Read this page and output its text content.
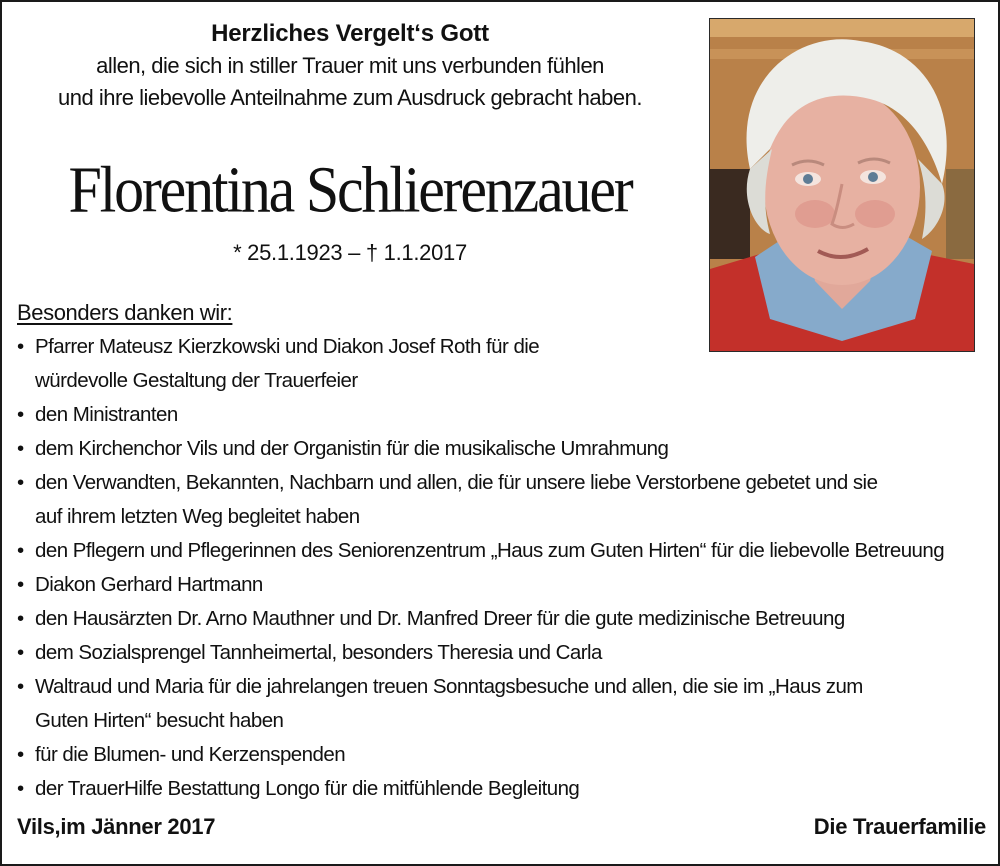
Herzliches Vergelt‘s Gott
allen, die sich in stiller Trauer mit uns verbunden fühlen
und ihre liebevolle Anteilnahme zum Ausdruck gebracht haben.
Florentina Schlierenzauer
* 25.1.1923 – † 1.1.2017
Besonders danken wir:
• Pfarrer Mateusz Kierzkowski und Diakon Josef Roth für die
würdevolle Gestaltung der Trauerfeier
• den Ministranten
• dem Kirchenchor Vils und der Organistin für die musikalische Umrahmung
• den Verwandten, Bekannten, Nachbarn und allen, die für unsere liebe Verstorbene gebetet und sie
auf ihrem letzten Weg begleitet haben
• den Pflegern und Pflegerinnen des Seniorenzentrum „Haus zum Guten Hirten“ für die liebevolle Betreuung
• Diakon Gerhard Hartmann
• den Hausärzten Dr. Arno Mauthner und Dr. Manfred Dreer für die gute medizinische Betreuung
• dem Sozialsprengel Tannheimertal, besonders Theresia und Carla
• Waltraud und Maria für die jahrelangen treuen Sonntagsbesuche und allen, die sie im „Haus zum
Guten Hirten“ besucht haben
• für die Blumen- und Kerzenspenden
• der TrauerHilfe Bestattung Longo für die mitfühlende Begleitung
Vils,im Jänner 2017	Die Trauerfamilie
